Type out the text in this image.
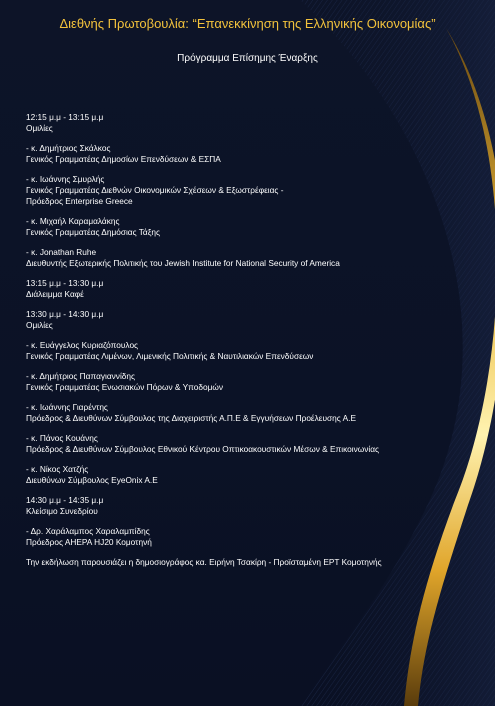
Διεθνής Πρωτοβουλία: “Επανεκκίνηση της Ελληνικής Οικονομίας”
Πρόγραμμα Επίσημης Έναρξης
12:15 μ.μ - 13:15 μ.μ
Ομιλίες
- κ. Δημήτριος Σκάλκος
Γενικός Γραμματέας Δημοσίων Επενδύσεων & ΕΣΠΑ
- κ. Ιωάννης Σμυρλής
Γενικός Γραμματέας Διεθνών Οικονομικών Σχέσεων & Εξωστρέφειας -
Πρόεδρος Enterprise Greece
- κ. Μιχαήλ Καραμαλάκης
Γενικός Γραμματέας Δημόσιας Τάξης
- κ. Jonathan Ruhe
Διευθυντής Εξωτερικής Πολιτικής του Jewish Institute for National Security of America
13:15 μ.μ - 13:30 μ.μ
Διάλειμμα Καφέ
13:30 μ.μ - 14:30 μ.μ
Ομιλίες
- κ. Ευάγγελος Κυριαζόπουλος
Γενικός Γραμματέας Λιμένων, Λιμενικής Πολιτικής & Ναυτιλιακών Επενδύσεων
- κ. Δημήτριος Παπαγιαννίδης
Γενικός Γραμματέας Ενωσιακών Πόρων & Υποδομών
- κ. Ιωάννης Γιαρέντης
Πρόεδρος & Διευθύνων Σύμβουλος της Διαχειριστής Α.Π.Ε & Εγγυήσεων Προέλευσης Α.Ε
- κ. Πάνος Κουάνης
Πρόεδρος & Διευθύνων Σύμβουλος Εθνικού Κέντρου Οπτικοακουστικών Μέσων & Επικοινωνίας
- κ. Νίκος Χατζής
Διευθύνων Σύμβουλος EyeOnix A.E
14:30 μ.μ - 14:35 μ.μ
Κλείσιμο Συνεδρίου
- Δρ. Χαράλαμπος Χαραλαμπίδης
Πρόεδρος ΑΗΕΡΑ HJ20 Κομοτηνή
Την εκδήλωση παρουσιάζει η δημοσιογράφος κα. Ειρήνη Τσακίρη - Προϊσταμένη ΕΡΤ Κομοτηνής
